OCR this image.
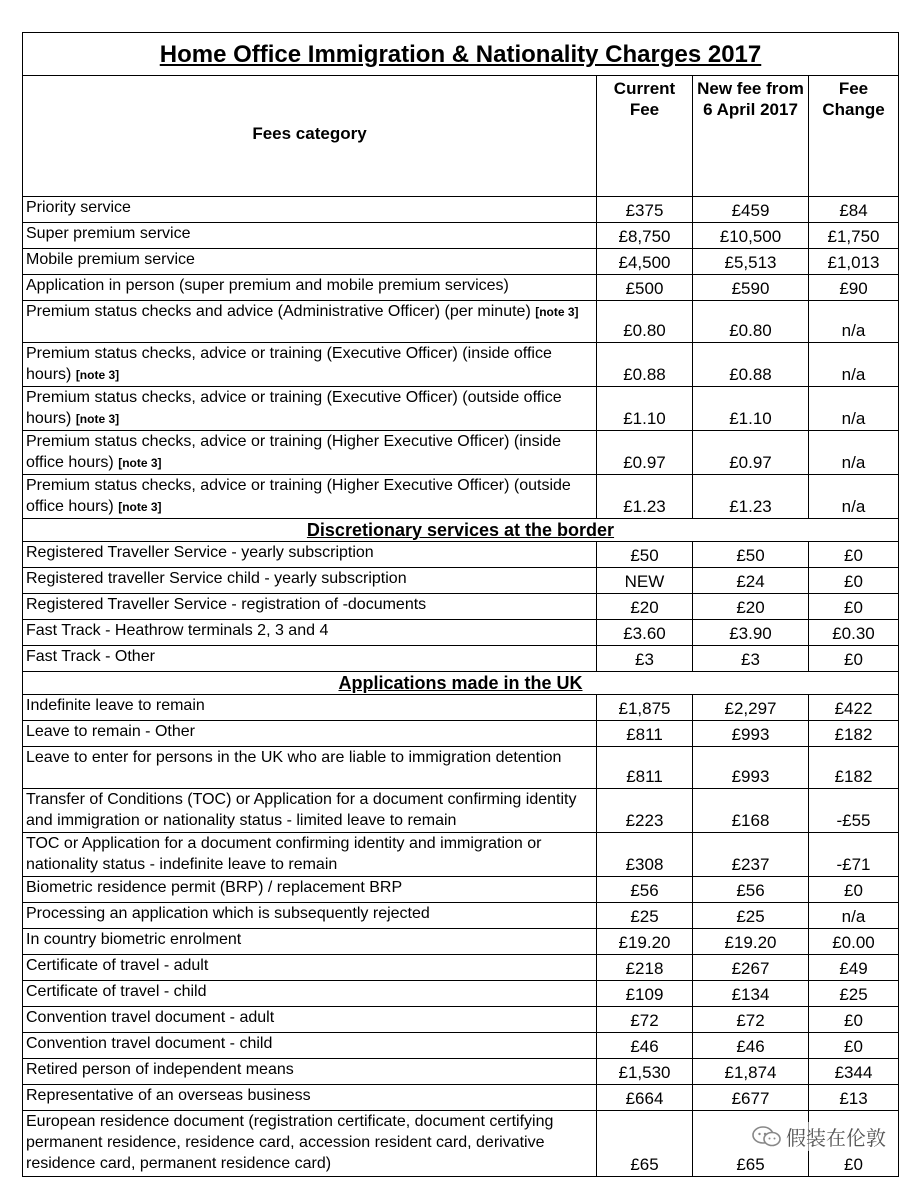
Home Office Immigration & Nationality Charges 2017			
Fees category	Current Fee	New fee from 6 April 2017	Fee Change
Priority service	£375	£459	£84
Super premium service	£8,750	£10,500	£1,750
Mobile premium service	£4,500	£5,513	£1,013
Application in person (super premium and mobile premium services)	£500	£590	£90
Premium status checks and advice (Administrative Officer) (per minute) [note 3]	£0.80	£0.80	n/a
Premium status checks, advice or training (Executive Officer) (inside office hours) [note 3]	£0.88	£0.88	n/a
Premium status checks, advice or training (Executive Officer) (outside office hours) [note 3]	£1.10	£1.10	n/a
Premium status checks, advice or training (Higher Executive Officer) (inside office hours) [note 3]	£0.97	£0.97	n/a
Premium status checks, advice or training (Higher Executive Officer) (outside office hours) [note 3]	£1.23	£1.23	n/a
Discretionary services at the border			
Registered Traveller Service - yearly subscription	£50	£50	£0
Registered traveller Service child - yearly subscription	NEW	£24	£0
Registered Traveller Service - registration of -documents	£20	£20	£0
Fast Track - Heathrow terminals 2, 3 and 4	£3.60	£3.90	£0.30
Fast Track - Other	£3	£3	£0
Applications made in the UK			
Indefinite leave to remain	£1,875	£2,297	£422
Leave to remain - Other	£811	£993	£182
Leave to enter for persons in the UK who are liable to immigration detention	£811	£993	£182
Transfer of Conditions (TOC) or Application for a document confirming identity and immigration or nationality status - limited leave to remain	£223	£168	-£55
TOC or Application for a document confirming identity and immigration or nationality status - indefinite leave to remain	£308	£237	-£71
Biometric residence permit (BRP) / replacement BRP	£56	£56	£0
Processing an application which is subsequently rejected	£25	£25	n/a
In country biometric enrolment	£19.20	£19.20	£0.00
Certificate of travel - adult	£218	£267	£49
Certificate of travel - child	£109	£134	£25
Convention travel document - adult	£72	£72	£0
Convention travel document - child	£46	£46	£0
Retired person of independent means	£1,530	£1,874	£344
Representative of an overseas business	£664	£677	£13
European residence document (registration certificate, document certifying permanent residence, residence card, accession resident card, derivative residence card, permanent residence card)	£65	£65	£0
假装在伦敦
